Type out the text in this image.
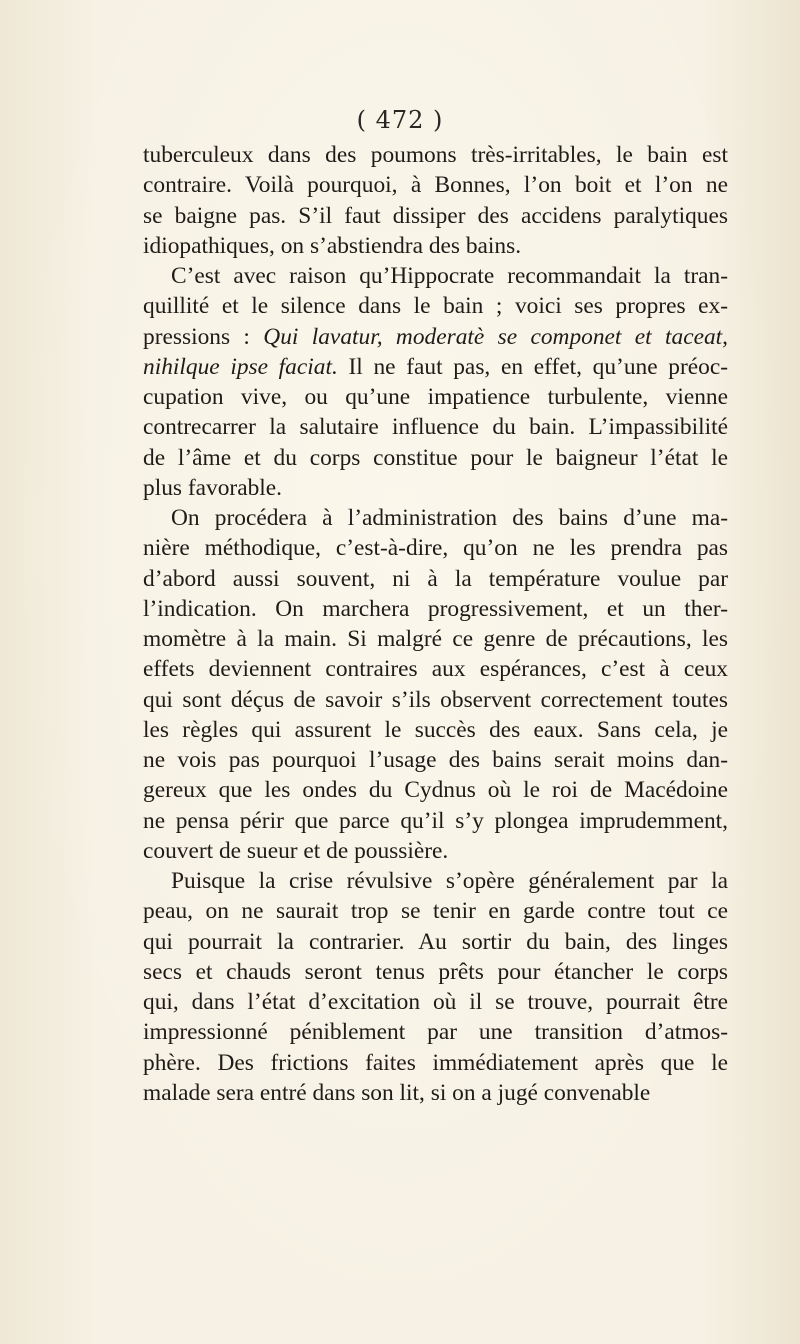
( 472 )
tuberculeux dans des poumons très-irritables, le bain est
contraire. Voilà pourquoi, à Bonnes, l’on boit et l’on ne
se baigne pas. S’il faut dissiper des accidens paralytiques
idiopathiques, on s’abstiendra des bains.
C’est avec raison qu’Hippocrate recommandait la tran-
quillité et le silence dans le bain ; voici ses propres ex-
pressions : Qui lavatur, moderatè se componet et taceat,
nihilque ipse faciat. Il ne faut pas, en effet, qu’une préoc-
cupation vive, ou qu’une impatience turbulente, vienne
contrecarrer la salutaire influence du bain. L’impassibilité
de l’âme et du corps constitue pour le baigneur l’état le
plus favorable.
On procédera à l’administration des bains d’une ma-
nière méthodique, c’est-à-dire, qu’on ne les prendra pas
d’abord aussi souvent, ni à la température voulue par
l’indication. On marchera progressivement, et un ther-
momètre à la main. Si malgré ce genre de précautions, les
effets deviennent contraires aux espérances, c’est à ceux
qui sont déçus de savoir s’ils observent correctement toutes
les règles qui assurent le succès des eaux. Sans cela, je
ne vois pas pourquoi l’usage des bains serait moins dan-
gereux que les ondes du Cydnus où le roi de Macédoine
ne pensa périr que parce qu’il s’y plongea imprudemment,
couvert de sueur et de poussière.
Puisque la crise révulsive s’opère généralement par la
peau, on ne saurait trop se tenir en garde contre tout ce
qui pourrait la contrarier. Au sortir du bain, des linges
secs et chauds seront tenus prêts pour étancher le corps
qui, dans l’état d’excitation où il se trouve, pourrait être
impressionné péniblement par une transition d’atmos-
phère. Des frictions faites immédiatement après que le
malade sera entré dans son lit, si on a jugé convenable
